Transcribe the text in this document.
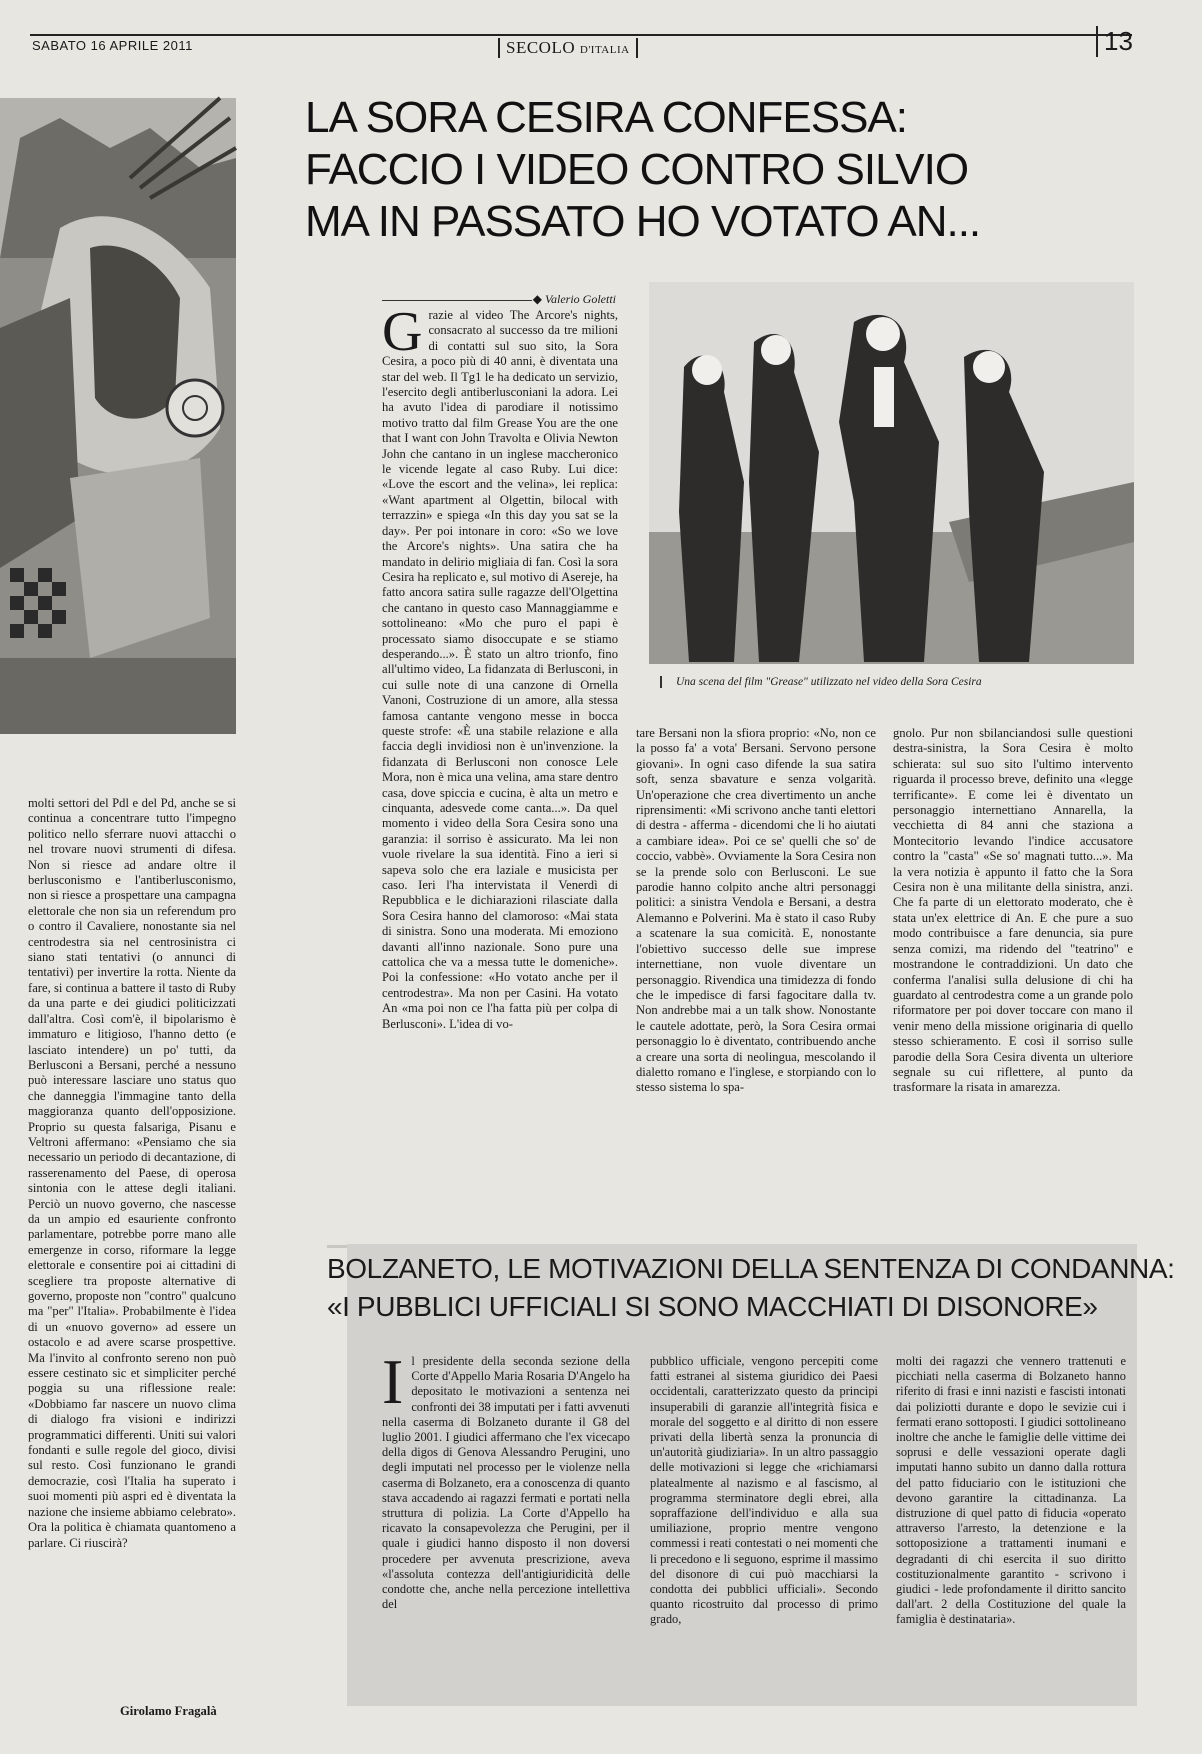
SABATO 16 APRILE 2011	SECOLO D'ITALIA	13
LA SORA CESIRA CONFESSA:
FACCIO I VIDEO CONTRO SILVIO
MA IN PASSATO HO VOTATO AN...
◆ Valerio Goletti
G razie al video The Arcore's nights, consacrato al successo da tre milioni di contatti sul suo sito, la Sora Cesira, a poco più di 40 anni, è diventata una star del web. Il Tg1 le ha dedicato un servizio, l'esercito degli antiberlusconiani la adora. Lei ha avuto l'idea di parodiare il notissimo motivo tratto dal film Grease You are the one that I want con John Travolta e Olivia Newton John che cantano in un inglese maccheronico le vicende legate al caso Ruby. Lui dice: «Love the escort and the velina», lei replica: «Want apartment al Olgettin, bilocal with terrazzin» e spiega «In this day you sat se la day». Per poi intonare in coro: «So we love the Arcore's nights». Una satira che ha mandato in delirio migliaia di fan. Così la sora Cesira ha replicato e, sul motivo di Asereje, ha fatto ancora satira sulle ragazze dell'Olgettina che cantano in questo caso Mannaggiamme e sottolineano: «Mo che puro el papi è processato siamo disoccupate e se stiamo desperando...». È stato un altro trionfo, fino all'ultimo video, La fidanzata di Berlusconi, in cui sulle note di una canzone di Ornella Vanoni, Costruzione di un amore, alla stessa famosa cantante vengono messe in bocca queste strofe: «È una stabile relazione e alla faccia degli invidiosi non è un'invenzione. la fidanzata di Berlusconi non conosce Lele Mora, non è mica una velina, ama stare dentro casa, dove spiccia e cucina, è alta un metro e cinquanta, adesvede come canta...». Da quel momento i video della Sora Cesira sono una garanzia: il sorriso è assicurato. Ma lei non vuole rivelare la sua identità. Fino a ieri si sapeva solo che era laziale e musicista per caso. Ieri l'ha intervistata il Venerdì di Repubblica e le dichiarazioni rilasciate dalla Sora Cesira hanno del clamoroso: «Mai stata di sinistra. Sono una moderata. Mi emoziono davanti all'inno nazionale. Sono pure una cattolica che va a messa tutte le domeniche». Poi la confessione: «Ho votato anche per il centrodestra». Ma non per Casini. Ha votato An «ma poi non ce l'ha fatta più per colpa di Berlusconi». L'idea di vo-
Una scena del film "Grease" utilizzato nel video della Sora Cesira
tare Bersani non la sfiora proprio: «No, non ce la posso fa' a vota' Bersani. Servono persone giovani». In ogni caso difende la sua satira soft, senza sbavature e senza volgarità. Un'operazione che crea divertimento un anche riprensimenti: «Mi scrivono anche tanti elettori di destra - afferma - dicendomi che li ho aiutati a cambiare idea». Poi ce se' quelli che so' de coccio, vabbè». Ovviamente la Sora Cesira non se la prende solo con Berlusconi. Le sue parodie hanno colpito anche altri personaggi politici: a sinistra Vendola e Bersani, a destra Alemanno e Polverini. Ma è stato il caso Ruby a scatenare la sua comicità. E, nonostante l'obiettivo successo delle sue imprese internettiane, non vuole diventare un personaggio. Rivendica una timidezza di fondo che le impedisce di farsi fagocitare dalla tv. Non andrebbe mai a un talk show. Nonostante le cautele adottate, però, la Sora Cesira ormai personaggio lo è diventato, contribuendo anche a creare una sorta di neolingua, mescolando il dialetto romano e l'inglese, e storpiando con lo stesso sistema lo spa-
gnolo. Pur non sbilanciandosi sulle questioni destra-sinistra, la Sora Cesira è molto schierata: sul suo sito l'ultimo intervento riguarda il processo breve, definito una «legge terrificante». E come lei è diventato un personaggio internettiano Annarella, la vecchietta di 84 anni che staziona a Montecitorio levando l'indice accusatore contro la "casta" «Se so' magnati tutto...». Ma la vera notizia è appunto il fatto che la Sora Cesira non è una militante della sinistra, anzi. Che fa parte di un elettorato moderato, che è stata un'ex elettrice di An. E che pure a suo modo contribuisce a fare denuncia, sia pure senza comizi, ma ridendo del "teatrino" e mostrandone le contraddizioni. Un dato che conferma l'analisi sulla delusione di chi ha guardato al centrodestra come a un grande polo riformatore per poi dover toccare con mano il venir meno della missione originaria di quello stesso schieramento. E così il sorriso sulle parodie della Sora Cesira diventa un ulteriore segnale su cui riflettere, al punto da trasformare la risata in amarezza.
molti settori del Pdl e del Pd, anche se si continua a concentrare tutto l'impegno politico nello sferrare nuovi attacchi o nel trovare nuovi strumenti di difesa. Non si riesce ad andare oltre il berlusconismo e l'antiberlusconismo, non si riesce a prospettare una campagna elettorale che non sia un referendum pro o contro il Cavaliere, nonostante sia nel centrodestra sia nel centrosinistra ci siano stati tentativi (o annunci di tentativi) per invertire la rotta. Niente da fare, si continua a battere il tasto di Ruby da una parte e dei giudici politicizzati dall'altra. Così com'è, il bipolarismo è immaturo e litigioso, l'hanno detto (e lasciato intendere) un po' tutti, da Berlusconi a Bersani, perché a nessuno può interessare lasciare uno status quo che danneggia l'immagine tanto della maggioranza quanto dell'opposizione. Proprio su questa falsariga, Pisanu e Veltroni affermano: «Pensiamo che sia necessario un periodo di decantazione, di rasserenamento del Paese, di operosa sintonia con le attese degli italiani. Perciò un nuovo governo, che nascesse da un ampio ed esauriente confronto parlamentare, potrebbe porre mano alle emergenze in corso, riformare la legge elettorale e consentire poi ai cittadini di scegliere tra proposte alternative di governo, proposte non "contro" qualcuno ma "per" l'Italia». Probabilmente è l'idea di un «nuovo governo» ad essere un ostacolo e ad avere scarse prospettive. Ma l'invito al confronto sereno non può essere cestinato sic et simpliciter perché poggia su una riflessione reale: «Dobbiamo far nascere un nuovo clima di dialogo fra visioni e indirizzi programmatici differenti. Uniti sui valori fondanti e sulle regole del gioco, divisi sul resto. Così funzionano le grandi democrazie, così l'Italia ha superato i suoi momenti più aspri ed è diventata la nazione che insieme abbiamo celebrato». Ora la politica è chiamata quantomeno a parlare. Ci riuscirà?
Girolamo Fragalà
BOLZANETO, LE MOTIVAZIONI DELLA SENTENZA DI CONDANNA:
«I PUBBLICI UFFICIALI SI SONO MACCHIATI DI DISONORE»
I l presidente della seconda sezione della Corte d'Appello Maria Rosaria D'Angelo ha depositato le motivazioni a sentenza nei confronti dei 38 imputati per i fatti avvenuti nella caserma di Bolzaneto durante il G8 del luglio 2001. I giudici affermano che l'ex vicecapo della digos di Genova Alessandro Perugini, uno degli imputati nel processo per le violenze nella caserma di Bolzaneto, era a conoscenza di quanto stava accadendo ai ragazzi fermati e portati nella struttura di polizia. La Corte d'Appello ha ricavato la consapevolezza che Perugini, per il quale i giudici hanno disposto il non doversi procedere per avvenuta prescrizione, aveva «l'assoluta contezza dell'antigiuridicità delle condotte che, anche nella percezione intellettiva del
pubblico ufficiale, vengono percepiti come fatti estranei al sistema giuridico dei Paesi occidentali, caratterizzato questo da principi insuperabili di garanzie all'integrità fisica e morale del soggetto e al diritto di non essere privati della libertà senza la pronuncia di un'autorità giudiziaria». In un altro passaggio delle motivazioni si legge che «richiamarsi platealmente al nazismo e al fascismo, al programma sterminatore degli ebrei, alla sopraffazione dell'individuo e alla sua umiliazione, proprio mentre vengono commessi i reati contestati o nei momenti che li precedono e li seguono, esprime il massimo del disonore di cui può macchiarsi la condotta dei pubblici ufficiali». Secondo quanto ricostruito dal processo di primo grado,
molti dei ragazzi che vennero trattenuti e picchiati nella caserma di Bolzaneto hanno riferito di frasi e inni nazisti e fascisti intonati dai poliziotti durante e dopo le sevizie cui i fermati erano sottoposti. I giudici sottolineano inoltre che anche le famiglie delle vittime dei soprusi e delle vessazioni operate dagli imputati hanno subito un danno dalla rottura del patto fiduciario con le istituzioni che devono garantire la cittadinanza. La distruzione di quel patto di fiducia «operato attraverso l'arresto, la detenzione e la sottoposizione a trattamenti inumani e degradanti di chi esercita il suo diritto costituzionalmente garantito - scrivono i giudici - lede profondamente il diritto sancito dall'art. 2 della Costituzione del quale la famiglia è destinataria».
